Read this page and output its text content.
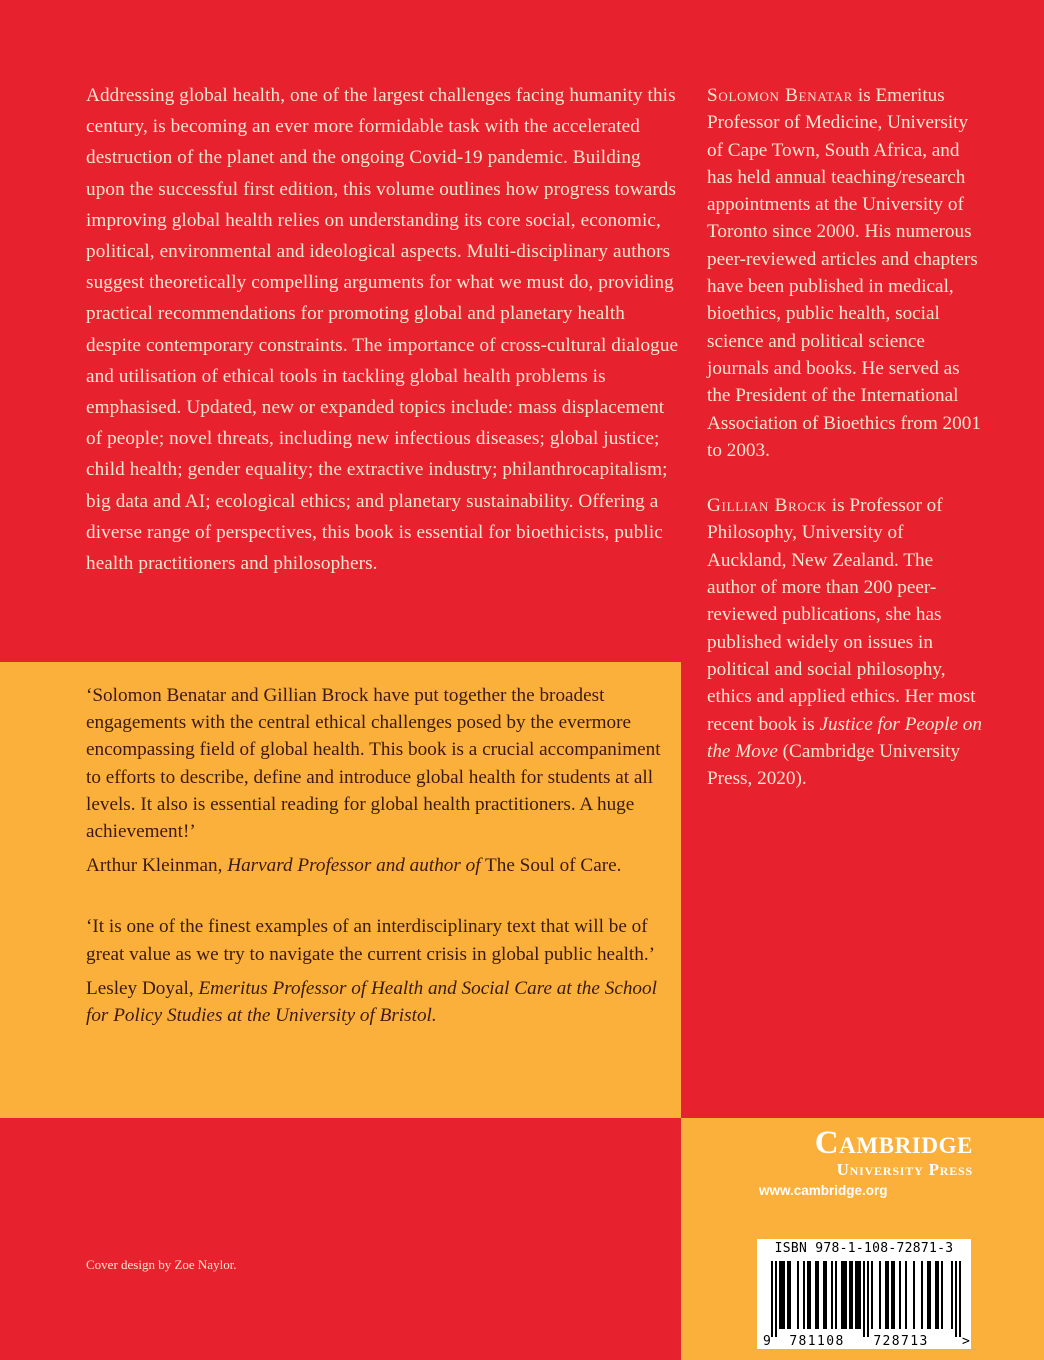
Addressing global health, one of the largest challenges facing humanity this century, is becoming an ever more formidable task with the accelerated destruction of the planet and the ongoing Covid-19 pandemic. Building upon the successful first edition, this volume outlines how progress towards improving global health relies on understanding its core social, economic, political, environmental and ideological aspects. Multi-disciplinary authors suggest theoretically compelling arguments for what we must do, providing practical recommendations for promoting global and planetary health despite contemporary constraints. The importance of cross-cultural dialogue and utilisation of ethical tools in tackling global health problems is emphasised. Updated, new or expanded topics include: mass displacement of people; novel threats, including new infectious diseases; global justice; child health; gender equality; the extractive industry; philanthrocapitalism; big data and AI; ecological ethics; and planetary sustainability. Offering a diverse range of perspectives, this book is essential for bioethicists, public health practitioners and philosophers.

Solomon Benatar is Emeritus Professor of Medicine, University of Cape Town, South Africa, and has held annual teaching/research appointments at the University of Toronto since 2000. His numerous peer-reviewed articles and chapters have been published in medical, bioethics, public health, social science and political science journals and books. He served as the President of the International Association of Bioethics from 2001 to 2003.

Gillian Brock is Professor of Philosophy, University of Auckland, New Zealand. The author of more than 200 peer-reviewed publications, she has published widely on issues in political and social philosophy, ethics and applied ethics. Her most recent book is Justice for People on the Move (Cambridge University Press, 2020).

‘Solomon Benatar and Gillian Brock have put together the broadest engagements with the central ethical challenges posed by the evermore encompassing field of global health. This book is a crucial accompaniment to efforts to describe, define and introduce global health for students at all levels. It also is essential reading for global health practitioners. A huge achievement!’

Arthur Kleinman, Harvard Professor and author of The Soul of Care.

‘It is one of the finest examples of an interdisciplinary text that will be of great value as we try to navigate the current crisis in global public health.’

Lesley Doyal, Emeritus Professor of Health and Social Care at the School for Policy Studies at the University of Bristol.

Cambridge
University Press
www.cambridge.org
9 781108 728713	>
ISBN 978-1-108-72871-3
Cover design by Zoe Naylor.
